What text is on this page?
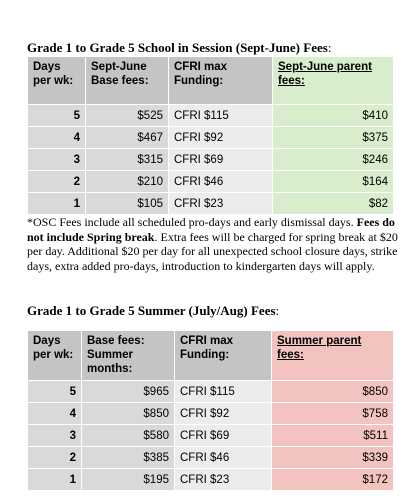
Grade 1 to Grade 5 School in Session (Sept-June) Fees:
Days per wk:	Sept-June Base fees:	CFRI max Funding:	Sept-June parent fees:
5	$525	CFRI $115	$410
4	$467	CFRI $92	$375
3	$315	CFRI $69	$246
2	$210	CFRI $46	$164
1	$105	CFRI $23	$82
*OSC Fees include all scheduled pro-days and early dismissal days. Fees do not include Spring break. Extra fees will be charged for spring break at $20 per day. Additional $20 per day for all unexpected school closure days, strike days, extra added pro-days, introduction to kindergarten days will apply.
Grade 1 to Grade 5 Summer (July/Aug) Fees:
Days per wk:	Base fees: Summer months:	CFRI max Funding:	Summer parent fees:
5	$965	CFRI $115	$850
4	$850	CFRI $92	$758
3	$580	CFRI $69	$511
2	$385	CFRI $46	$339
1	$195	CFRI $23	$172
